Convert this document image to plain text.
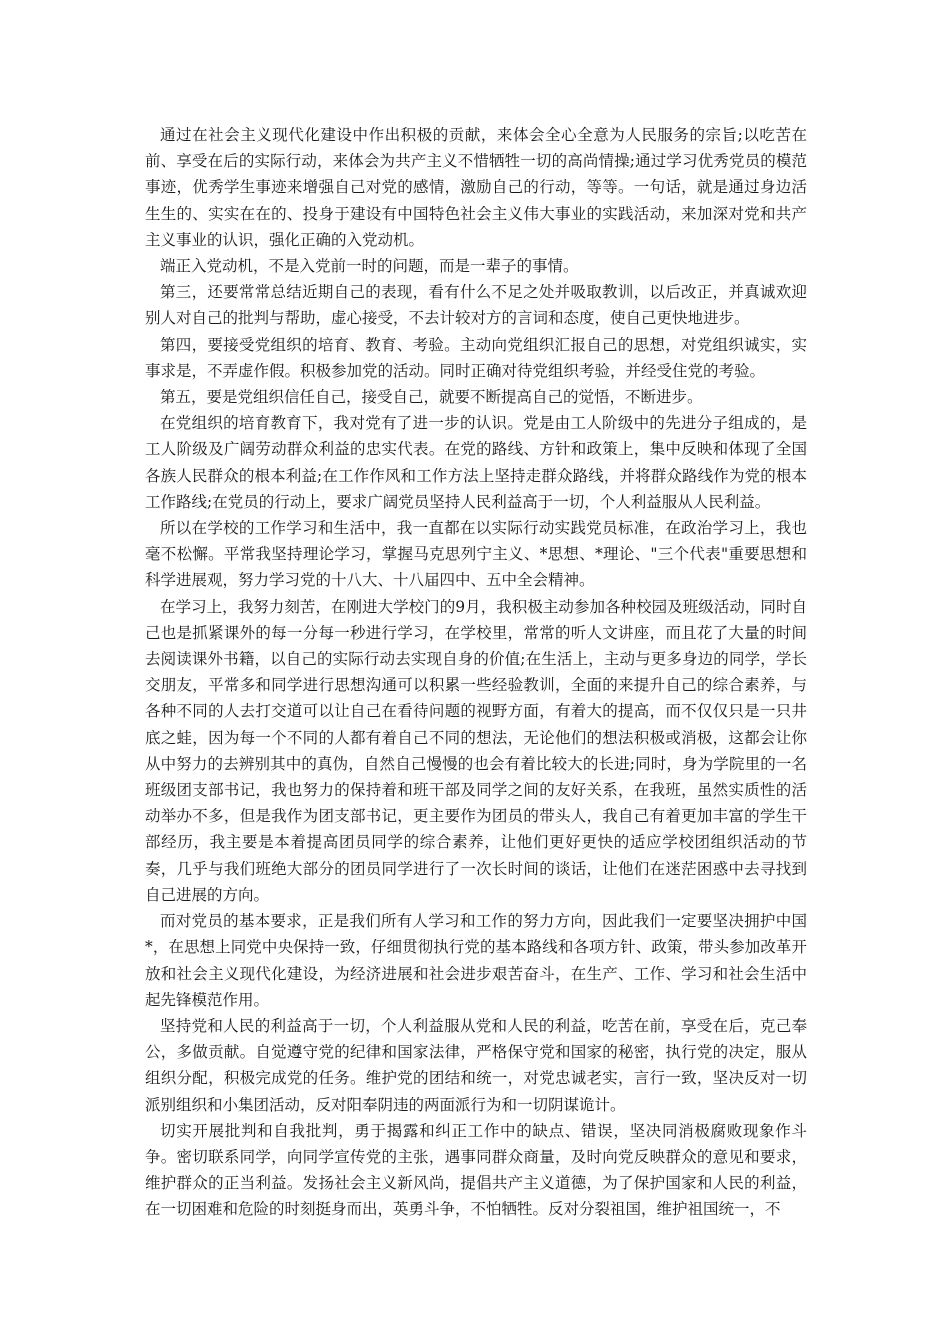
通过在社会主义现代化建设中作出积极的贡献，来体会全心全意为人民服务的宗旨;以吃苦在前、享受在后的实际行动，来体会为共产主义不惜牺牲一切的高尚情操;通过学习优秀党员的模范事迹，优秀学生事迹来增强自己对党的感情，激励自己的行动，等等。一句话，就是通过身边活生生的、实实在在的、投身于建设有中国特色社会主义伟大事业的实践活动，来加深对党和共产主义事业的认识，强化正确的入党动机。

端正入党动机，不是入党前一时的问题，而是一辈子的事情。

第三，还要常常总结近期自己的表现，看有什么不足之处并吸取教训，以后改正，并真诚欢迎别人对自己的批判与帮助，虚心接受，不去计较对方的言词和态度，使自己更快地进步。

第四，要接受党组织的培育、教育、考验。主动向党组织汇报自己的思想，对党组织诚实，实事求是，不弄虚作假。积极参加党的活动。同时正确对待党组织考验，并经受住党的考验。

第五，要是党组织信任自己，接受自己，就要不断提高自己的觉悟，不断进步。

在党组织的培育教育下，我对党有了进一步的认识。党是由工人阶级中的先进分子组成的，是工人阶级及广阔劳动群众利益的忠实代表。在党的路线、方针和政策上，集中反映和体现了全国各族人民群众的根本利益;在工作作风和工作方法上坚持走群众路线，并将群众路线作为党的根本工作路线;在党员的行动上，要求广阔党员坚持人民利益高于一切，个人利益服从人民利益。

所以在学校的工作学习和生活中，我一直都在以实际行动实践党员标准，在政治学习上，我也毫不松懈。平常我坚持理论学习，掌握马克思列宁主义、*思想、*理论、"三个代表"重要思想和科学进展观，努力学习党的十八大、十八届四中、五中全会精神。

在学习上，我努力刻苦，在刚进大学校门的9月，我积极主动参加各种校园及班级活动，同时自己也是抓紧课外的每一分每一秒进行学习，在学校里，常常的听人文讲座，而且花了大量的时间去阅读课外书籍，以自己的实际行动去实现自身的价值;在生活上，主动与更多身边的同学，学长交朋友，平常多和同学进行思想沟通可以积累一些经验教训，全面的来提升自己的综合素养，与各种不同的人去打交道可以让自己在看待问题的视野方面，有着大的提高，而不仅仅只是一只井底之蛙，因为每一个不同的人都有着自己不同的想法，无论他们的想法积极或消极，这都会让你从中努力的去辨别其中的真伪，自然自己慢慢的也会有着比较大的长进;同时，身为学院里的一名班级团支部书记，我也努力的保持着和班干部及同学之间的友好关系，在我班，虽然实质性的活动举办不多，但是我作为团支部书记，更主要作为团员的带头人，我自己有着更加丰富的学生干部经历，我主要是本着提高团员同学的综合素养，让他们更好更快的适应学校团组织活动的节奏，几乎与我们班绝大部分的团员同学进行了一次长时间的谈话，让他们在迷茫困惑中去寻找到自己进展的方向。

而对党员的基本要求，正是我们所有人学习和工作的努力方向，因此我们一定要坚决拥护中国*，在思想上同党中央保持一致，仔细贯彻执行党的基本路线和各项方针、政策，带头参加改革开放和社会主义现代化建设，为经济进展和社会进步艰苦奋斗，在生产、工作、学习和社会生活中起先锋模范作用。

坚持党和人民的利益高于一切，个人利益服从党和人民的利益，吃苦在前，享受在后，克己奉公，多做贡献。自觉遵守党的纪律和国家法律，严格保守党和国家的秘密，执行党的决定，服从组织分配，积极完成党的任务。维护党的团结和统一，对党忠诚老实，言行一致，坚决反对一切派别组织和小集团活动，反对阳奉阴违的两面派行为和一切阴谋诡计。

切实开展批判和自我批判，勇于揭露和纠正工作中的缺点、错误，坚决同消极腐败现象作斗争。密切联系同学，向同学宣传党的主张，遇事同群众商量，及时向党反映群众的意见和要求，维护群众的正当利益。发扬社会主义新风尚，提倡共产主义道德，为了保护国家和人民的利益，在一切困难和危险的时刻挺身而出，英勇斗争，不怕牺牲。反对分裂祖国，维护祖国统一，不
